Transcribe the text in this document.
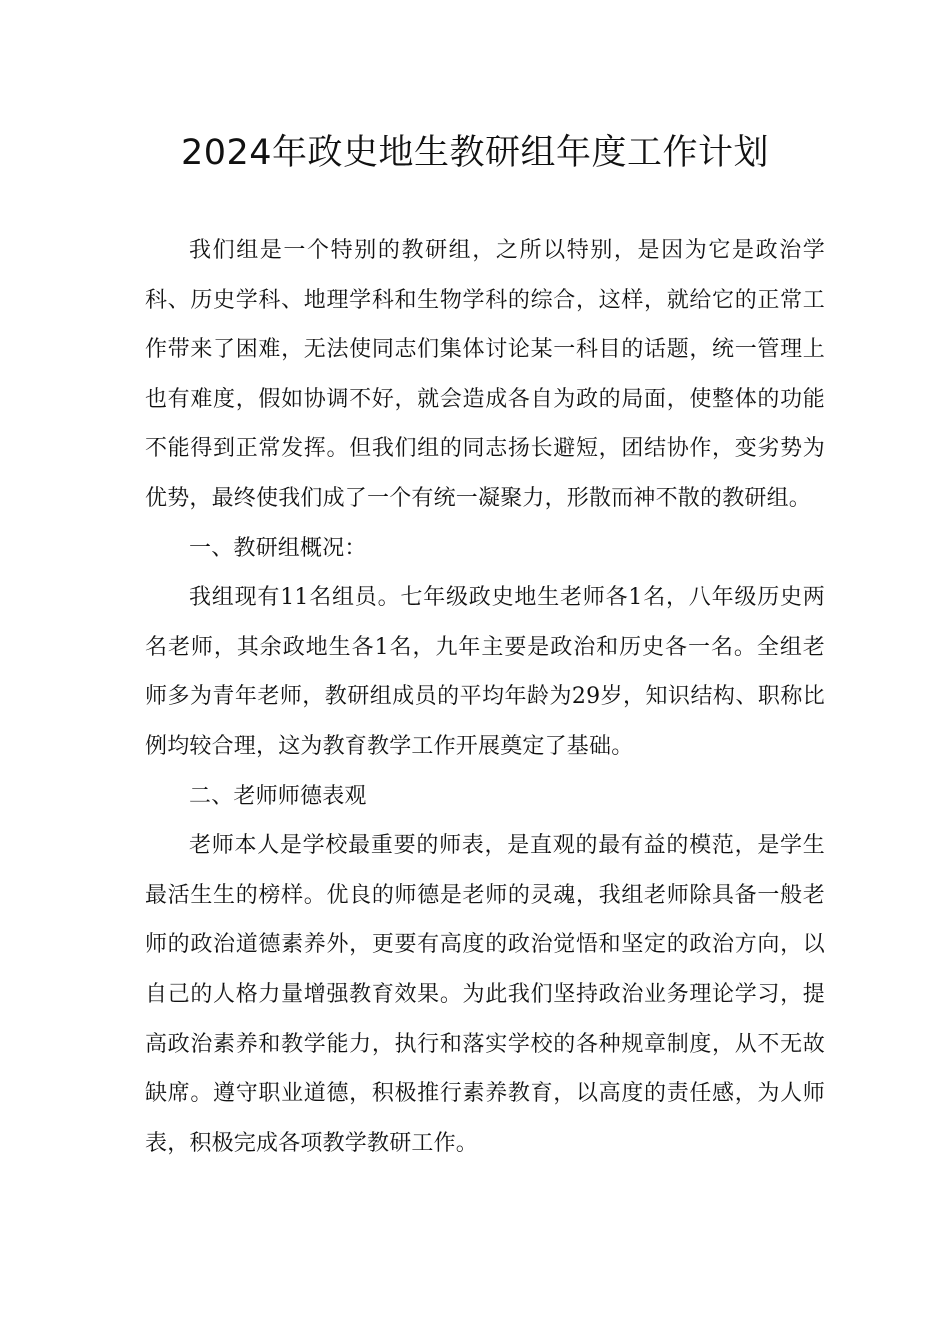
2024年政史地生教研组年度工作计划

我们组是一个特别的教研组，之所以特别，是因为它是政治学科、历史学科、地理学科和生物学科的综合，这样，就给它的正常工作带来了困难，无法使同志们集体讨论某一科目的话题，统一管理上也有难度，假如协调不好，就会造成各自为政的局面，使整体的功能不能得到正常发挥。但我们组的同志扬长避短，团结协作，变劣势为优势，最终使我们成了一个有统一凝聚力，形散而神不散的教研组。

一、教研组概况：

我组现有11名组员。七年级政史地生老师各1名，八年级历史两名老师，其余政地生各1名，九年主要是政治和历史各一名。全组老师多为青年老师，教研组成员的平均年龄为29岁，知识结构、职称比例均较合理，这为教育教学工作开展奠定了基础。

二、老师师德表观

老师本人是学校最重要的师表，是直观的最有益的模范，是学生最活生生的榜样。优良的师德是老师的灵魂，我组老师除具备一般老师的政治道德素养外，更要有高度的政治觉悟和坚定的政治方向，以自己的人格力量增强教育效果。为此我们坚持政治业务理论学习，提高政治素养和教学能力，执行和落实学校的各种规章制度，从不无故缺席。遵守职业道德，积极推行素养教育，以高度的责任感，为人师表，积极完成各项教学教研工作。
